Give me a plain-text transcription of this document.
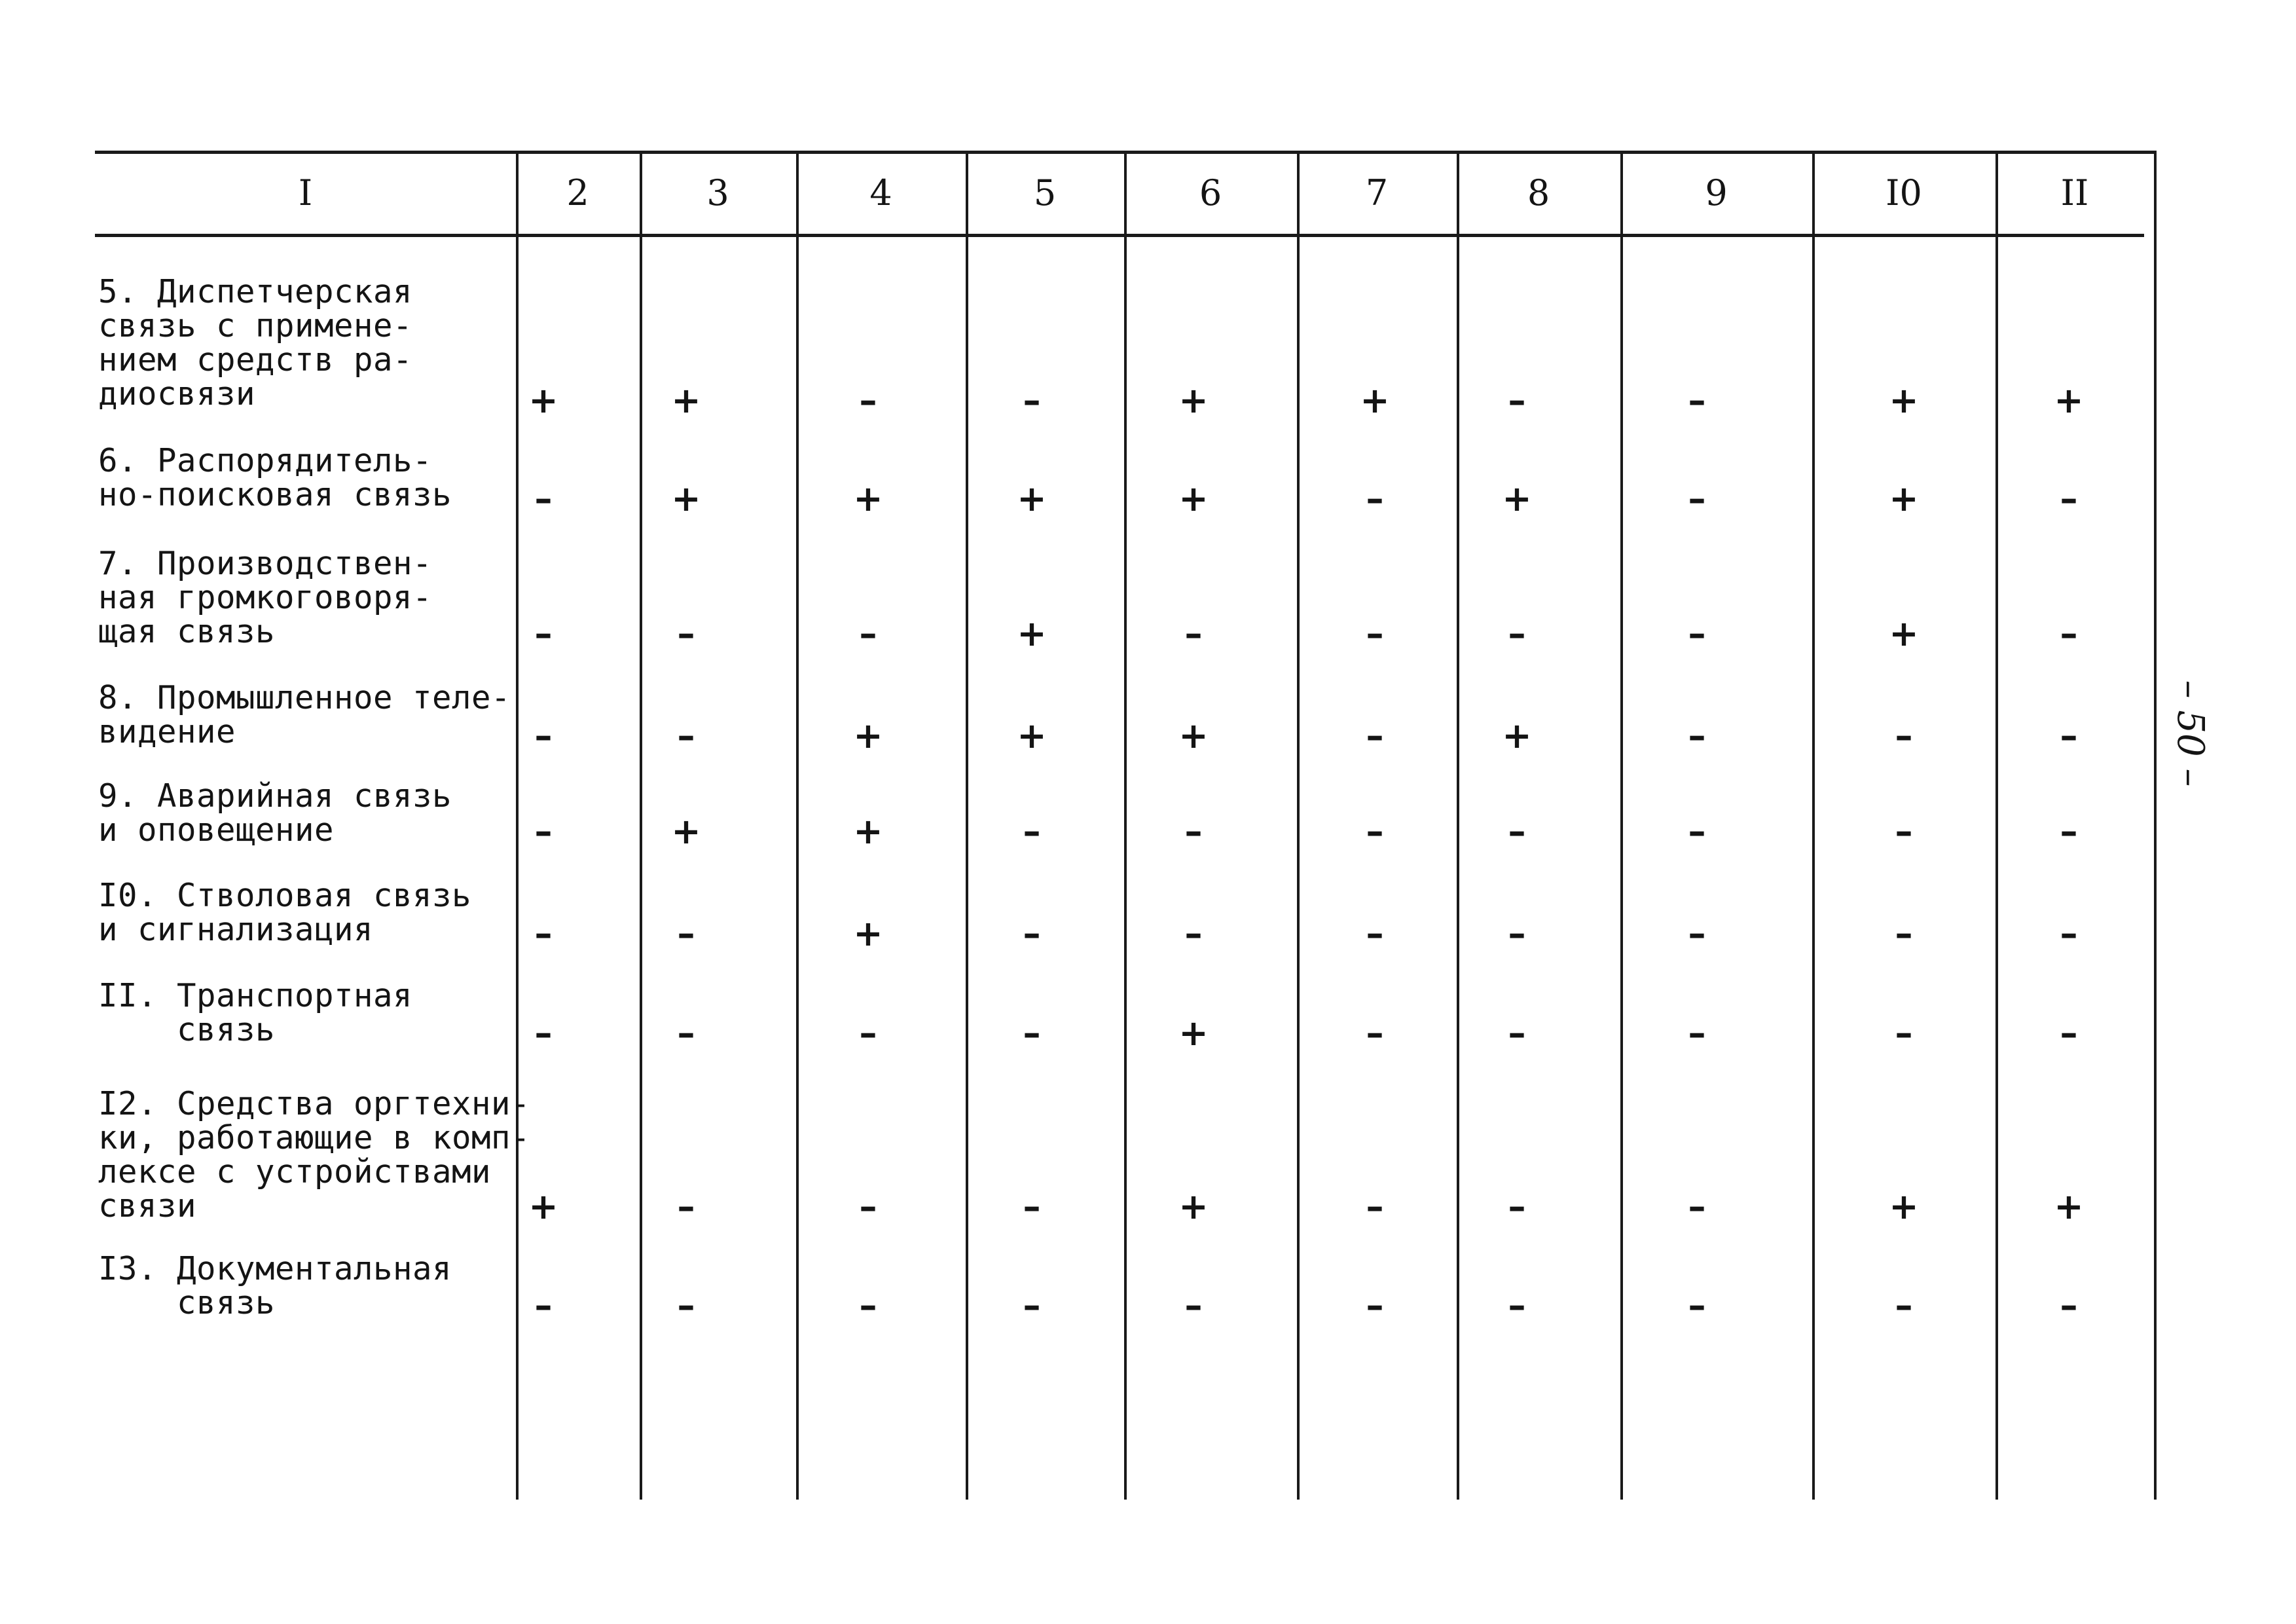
I	2	3	4	5	6	7	8	9	I0	II
5. Диспетчерская
связь с примене-
нием средств ра-
диосвязи	+	+	–	–	+	+	–	–	+	+
6. Распорядитель-
но-поисковая связь	–	+	+	+	+	–	+	–	+	–
7. Производствен-
ная громкоговоря-
щая связь	–	–	–	+	–	–	–	–	+	–
8. Промышленное теле-
видение	–	–	+	+	+	–	+	–	–	–
9. Аварийная связь
и оповещение	–	+	+	–	–	–	–	–	–	–
I0. Стволовая связь
и сигнализация	–	–	+	–	–	–	–	–	–	–
II. Транспортная
связь	–	–	–	–	+	–	–	–	–	–
I2. Средства оргтехни-
ки, работающие в комп-
лексе с устройствами
связи	+	–	–	–	+	–	–	–	+	+
I3. Документальная
связь	–	–	–	–	–	–	–	–	–	–
– 50 –
